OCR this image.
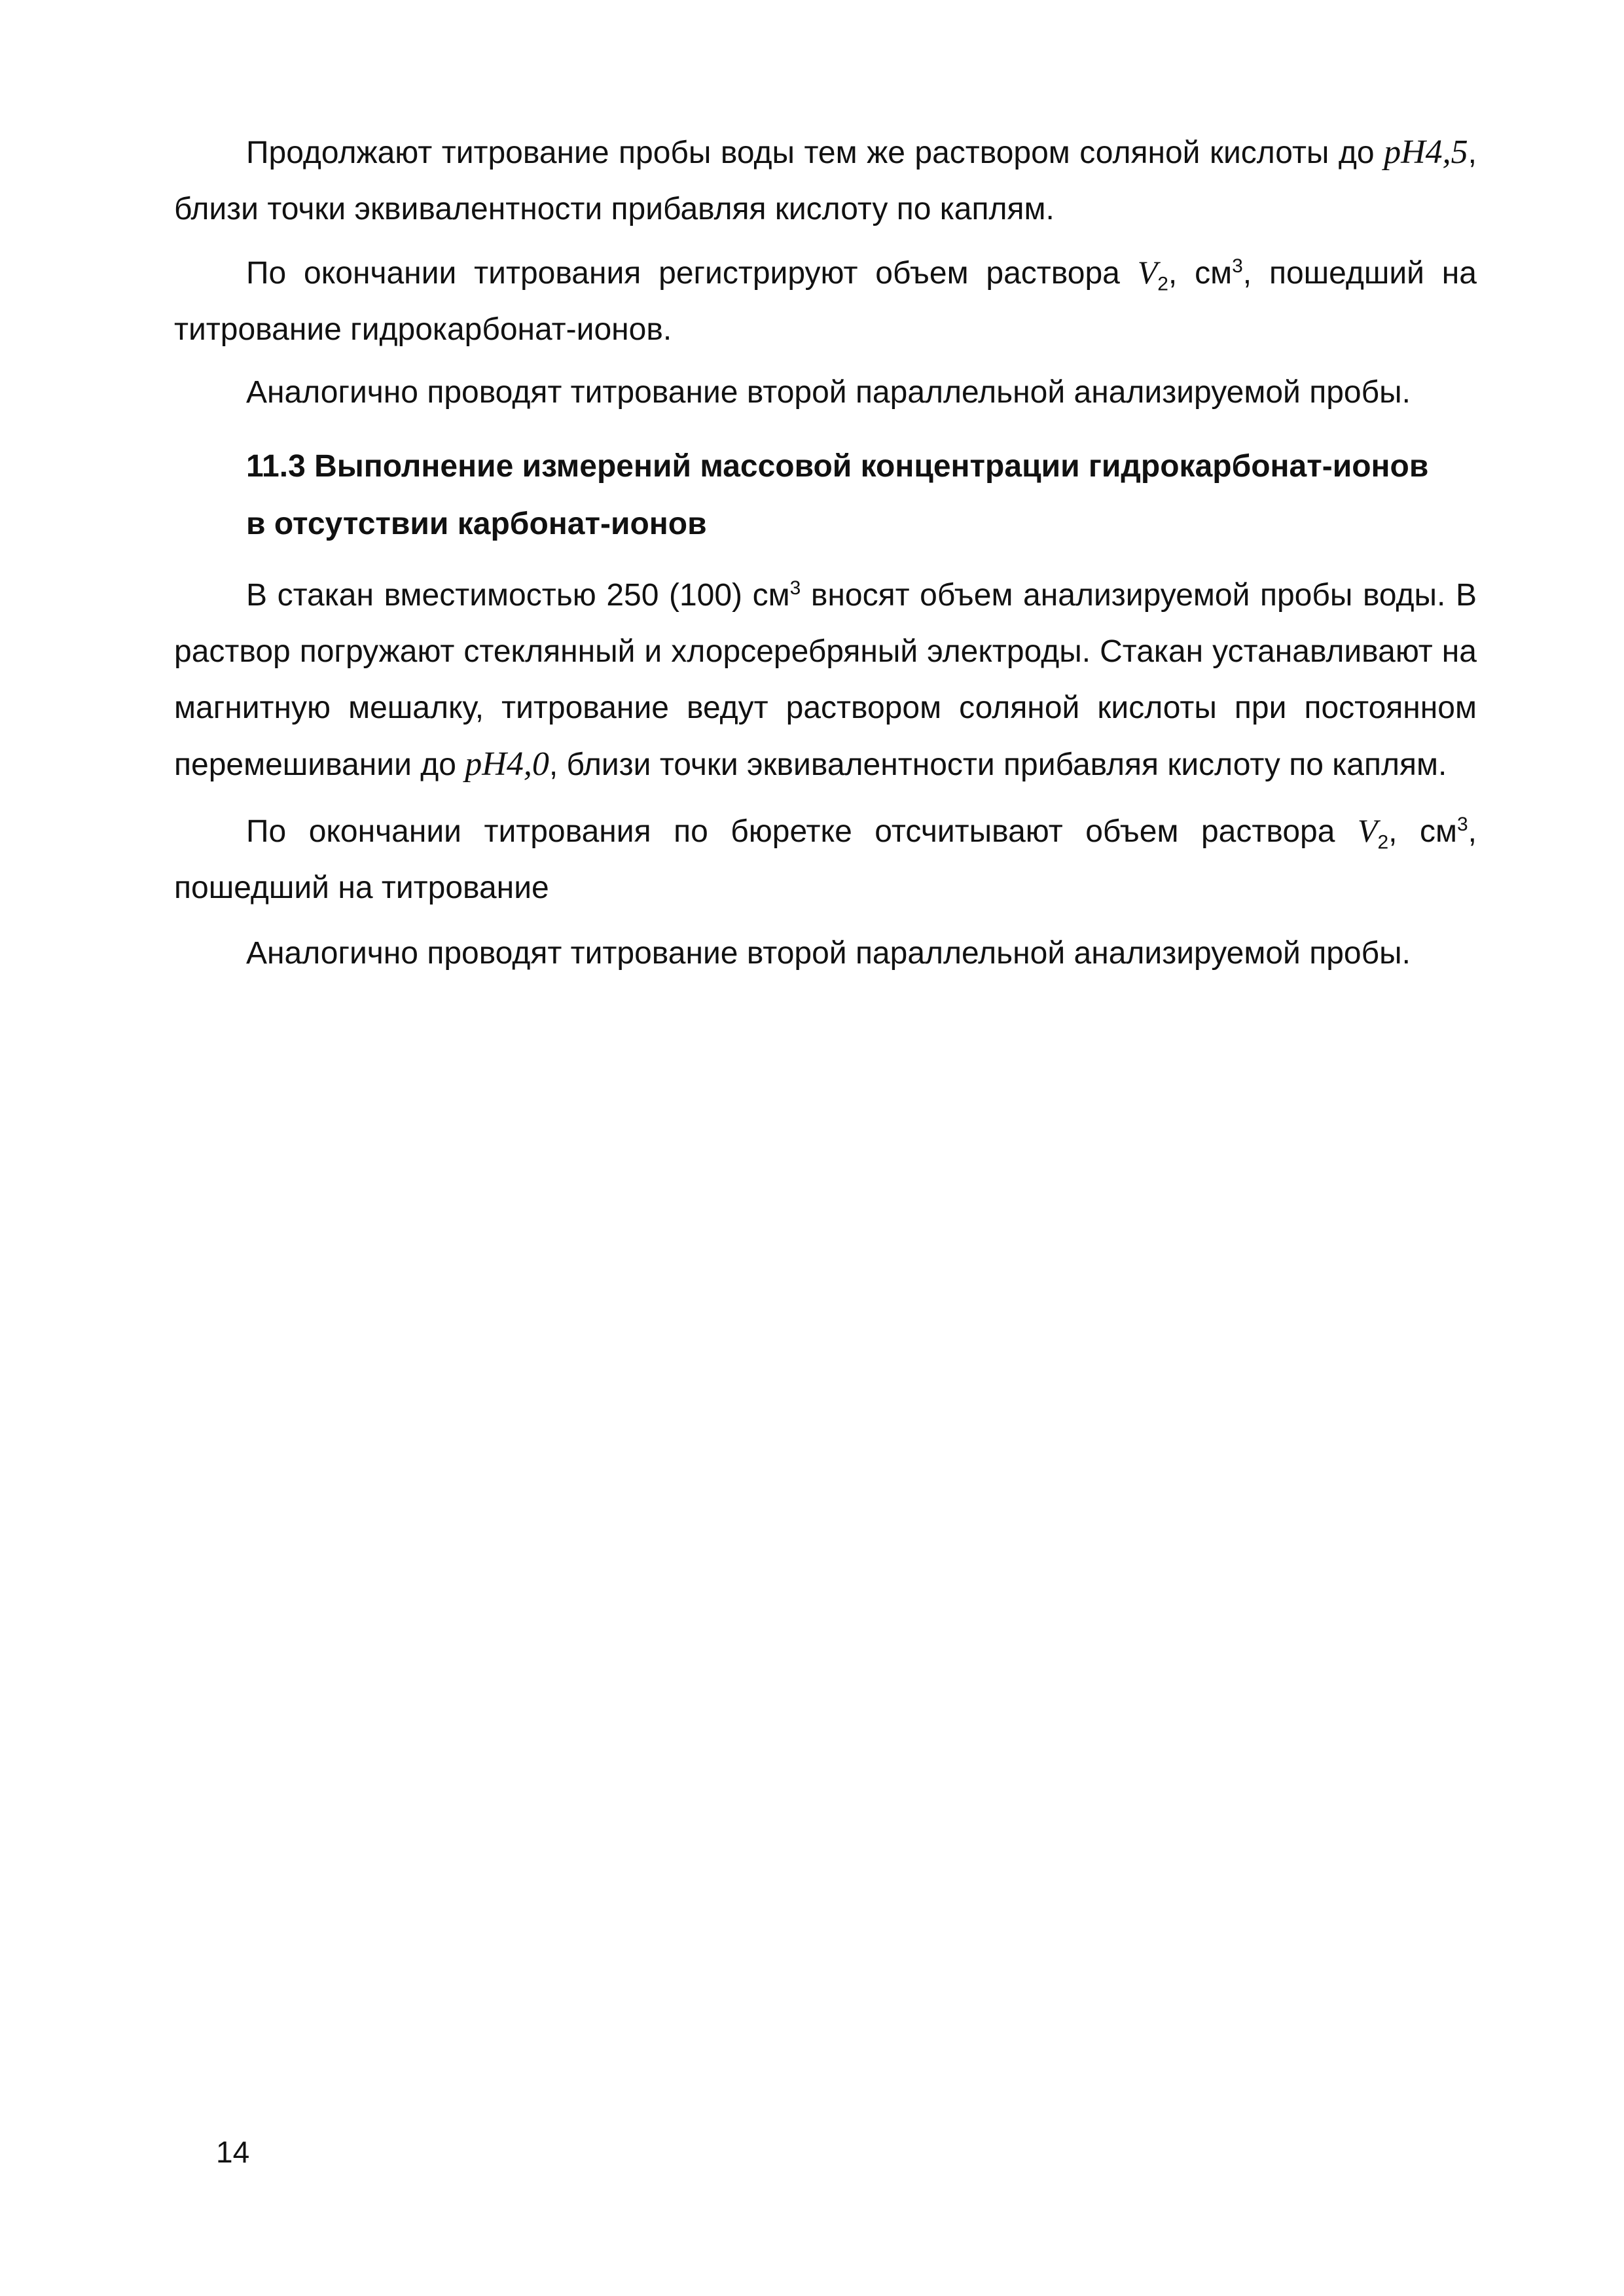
Продолжают титрование пробы воды тем же раствором соляной кислоты до pH4,5, близи точки эквивалентности прибавляя кислоту по каплям.

По окончании титрования регистрируют объем раствора $V_2$, $см^3$, пошедший на титрование гидрокарбонат-ионов.

Аналогично проводят титрование второй параллельной анализируемой пробы.

11.3 Выполнение измерений массовой концентрации гидрокарбонат-ионов
в отсутствии карбонат-ионов

В стакан вместимостью 250 (100) $см^3$ вносят объем анализируемой пробы воды. В раствор погружают стеклянный и хлорсеребряный электроды. Стакан устанавливают на магнитную мешалку, титрование ведут раствором соляной кислоты при постоянном перемешивании до pH4,0, близи точки эквивалентности прибавляя кислоту по каплям.

По окончании титрования по бюретке отсчитывают объем раствора $V_2$, $см^3$, пошедший на титрование

Аналогично проводят титрование второй параллельной анализируемой пробы.

14
